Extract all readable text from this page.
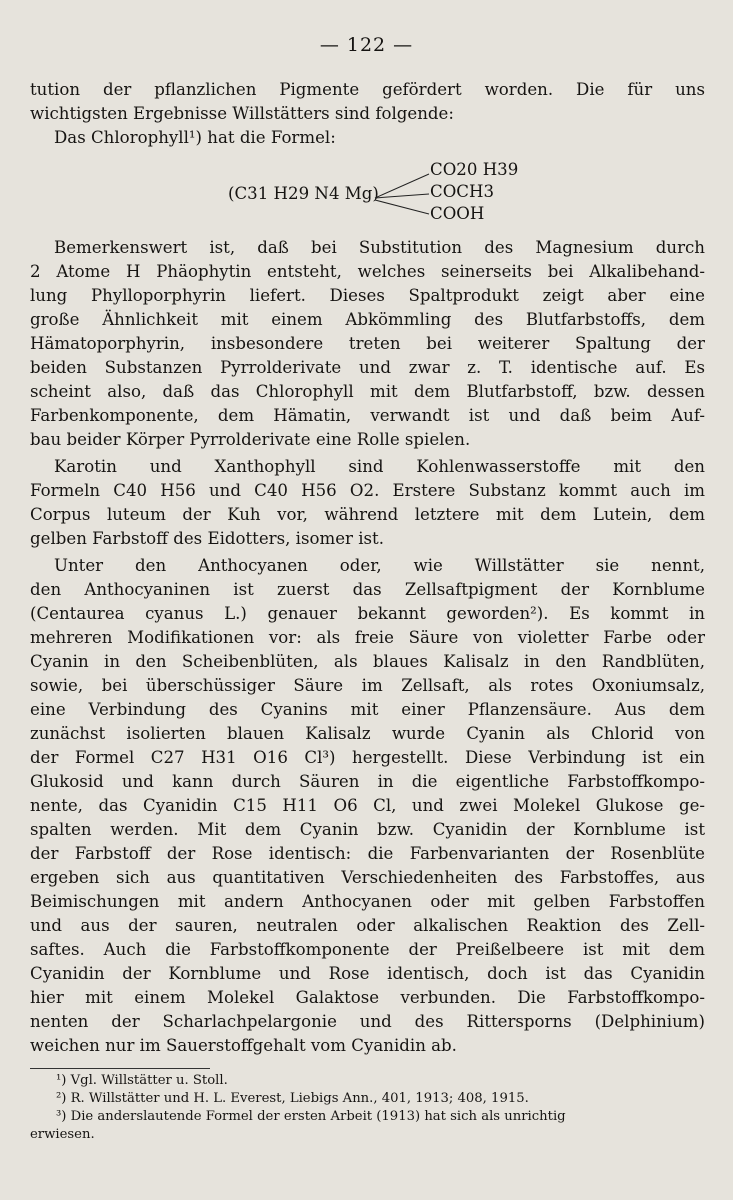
— 122 —
tution der pflanzlichen Pigmente gefördert worden. Die für uns
wichtigsten Ergebnisse Willstätters sind folgende:
Das Chlorophyll¹) hat die Formel:
(C31 H29 N4 Mg)
CO20 H39
COCH3
COOH
Bemerkenswert ist, daß bei Substitution des Magnesium durch
2 Atome H Phäophytin entsteht, welches seinerseits bei Alkalibehand-
lung Phylloporphyrin liefert. Dieses Spaltprodukt zeigt aber eine
große Ähnlichkeit mit einem Abkömmling des Blutfarbstoffs, dem
Hämatoporphyrin, insbesondere treten bei weiterer Spaltung der
beiden Substanzen Pyrrolderivate und zwar z. T. identische auf. Es
scheint also, daß das Chlorophyll mit dem Blutfarbstoff, bzw. dessen
Farbenkomponente, dem Hämatin, verwandt ist und daß beim Auf-
bau beider Körper Pyrrolderivate eine Rolle spielen.
Karotin und Xanthophyll sind Kohlenwasserstoffe mit den
Formeln C40 H56 und C40 H56 O2. Erstere Substanz kommt auch im
Corpus luteum der Kuh vor, während letztere mit dem Lutein, dem
gelben Farbstoff des Eidotters, isomer ist.
Unter den Anthocyanen oder, wie Willstätter sie nennt,
den Anthocyaninen ist zuerst das Zellsaftpigment der Kornblume
(Centaurea cyanus L.) genauer bekannt geworden²). Es kommt in
mehreren Modifikationen vor: als freie Säure von violetter Farbe oder
Cyanin in den Scheibenblüten, als blaues Kalisalz in den Randblüten,
sowie, bei überschüssiger Säure im Zellsaft, als rotes Oxoniumsalz,
eine Verbindung des Cyanins mit einer Pflanzensäure. Aus dem
zunächst isolierten blauen Kalisalz wurde Cyanin als Chlorid von
der Formel C27 H31 O16 Cl³) hergestellt. Diese Verbindung ist ein
Glukosid und kann durch Säuren in die eigentliche Farbstoffkompo-
nente, das Cyanidin C15 H11 O6 Cl, und zwei Molekel Glukose ge-
spalten werden. Mit dem Cyanin bzw. Cyanidin der Kornblume ist
der Farbstoff der Rose identisch: die Farbenvarianten der Rosenblüte
ergeben sich aus quantitativen Verschiedenheiten des Farbstoffes, aus
Beimischungen mit andern Anthocyanen oder mit gelben Farbstoffen
und aus der sauren, neutralen oder alkalischen Reaktion des Zell-
saftes. Auch die Farbstoffkomponente der Preißelbeere ist mit dem
Cyanidin der Kornblume und Rose identisch, doch ist das Cyanidin
hier mit einem Molekel Galaktose verbunden. Die Farbstoffkompo-
nenten der Scharlachpelargonie und des Rittersporns (Delphinium)
weichen nur im Sauerstoffgehalt vom Cyanidin ab.
¹) Vgl. Willstätter u. Stoll.
²) R. Willstätter und H. L. Everest, Liebigs Ann., 401, 1913; 408, 1915.
³) Die anderslautende Formel der ersten Arbeit (1913) hat sich als unrichtig
erwiesen.
